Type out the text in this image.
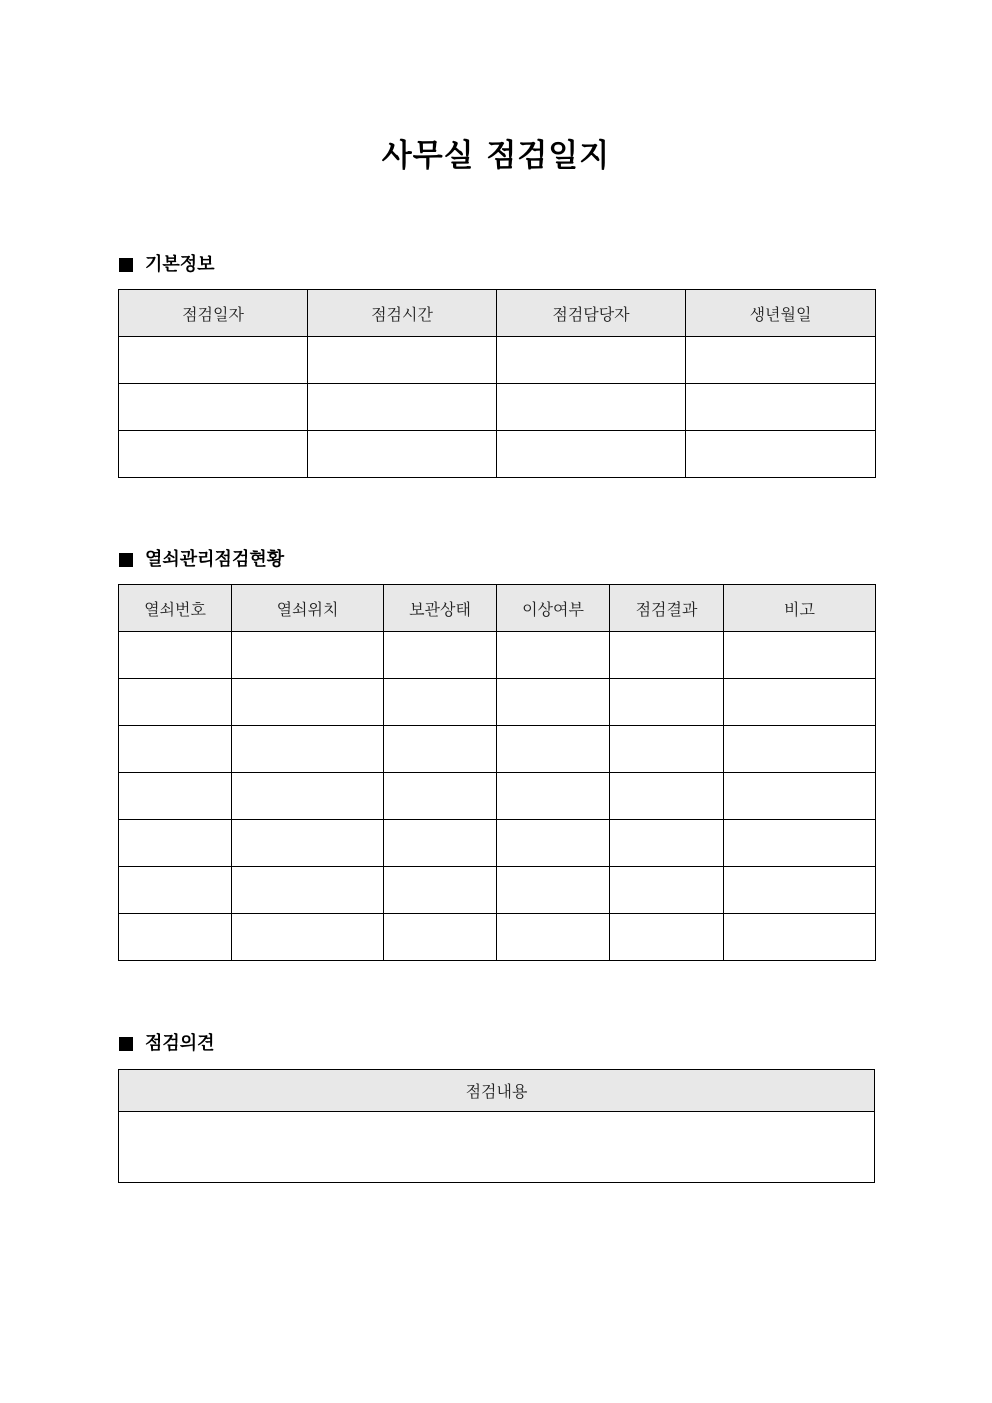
사무실 점검일지
기본정보
점검일자	점검시간	점검담당자	생년월일

열쇠관리점검현황
열쇠번호	열쇠위치	보관상태	이상여부	점검결과	비고

점검의견
점검내용
